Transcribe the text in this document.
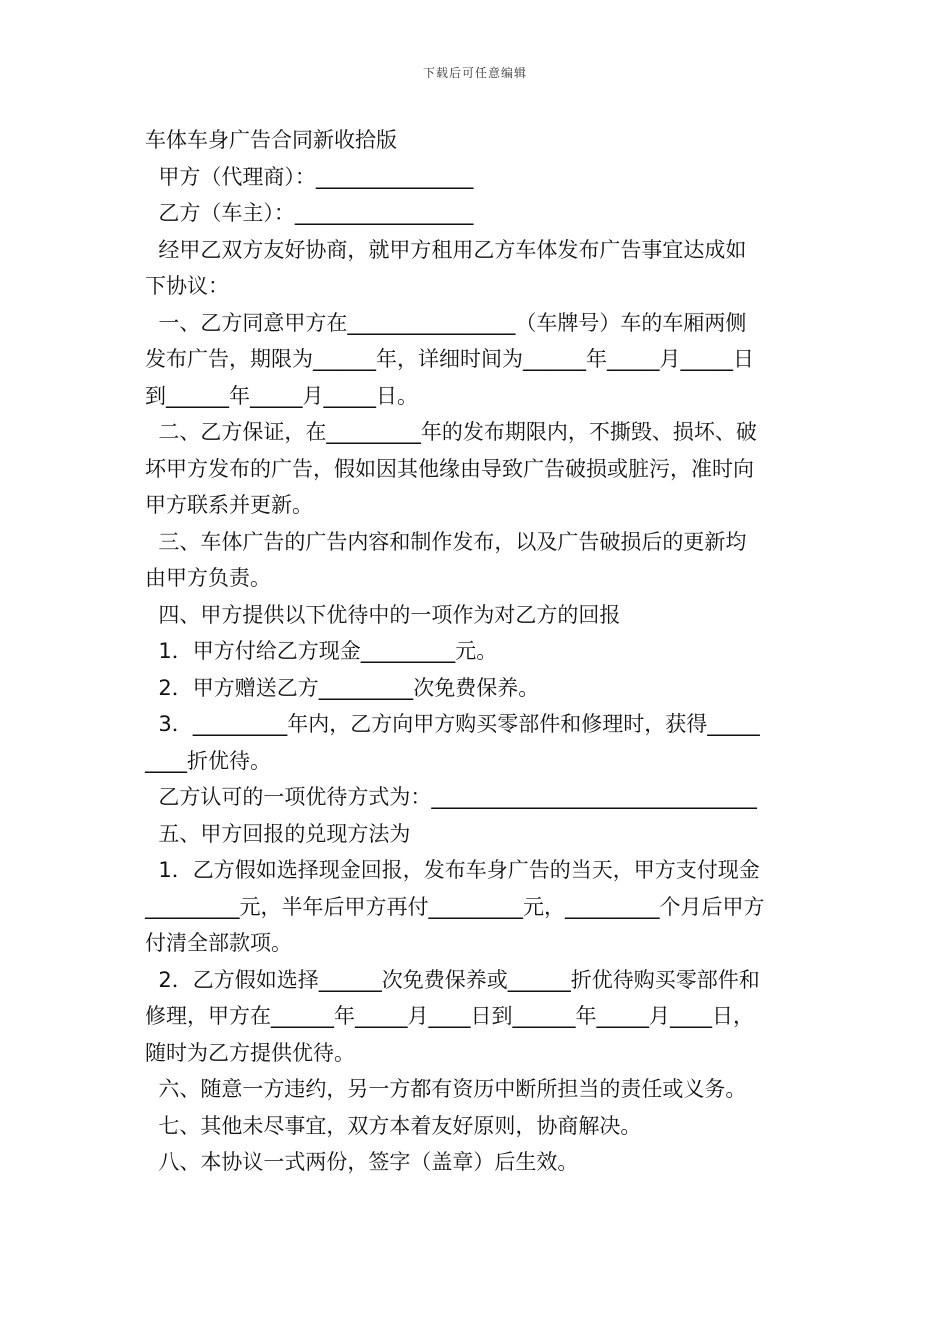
下载后可任意编辑

车体车身广告合同新收拾版

甲方（代理商）：_______________

乙方（车主）：_________________

经甲乙双方友好协商，就甲方租用乙方车体发布广告事宜达成如

下协议：

一、乙方同意甲方在________________（车牌号）车的车厢两侧

发布广告，期限为______年，详细时间为______年_____月_____日

到______年_____月_____日。

二、乙方保证，在_________年的发布期限内，不撕毁、损坏、破

坏甲方发布的广告，假如因其他缘由导致广告破损或脏污，准时向

甲方联系并更新。

三、车体广告的广告内容和制作发布，以及广告破损后的更新均

由甲方负责。

四、甲方提供以下优待中的一项作为对乙方的回报

1．甲方付给乙方现金_________元。

2．甲方赠送乙方_________次免费保养。

3．_________年内，乙方向甲方购买零部件和修理时，获得_____

____折优待。

乙方认可的一项优待方式为：_______________________________

五、甲方回报的兑现方法为

1．乙方假如选择现金回报，发布车身广告的当天，甲方支付现金

_________元，半年后甲方再付_________元，_________个月后甲方

付清全部款项。

2．乙方假如选择______次免费保养或______折优待购买零部件和

修理，甲方在______年_____月____日到______年_____月____日，

随时为乙方提供优待。

六、随意一方违约，另一方都有资历中断所担当的责任或义务。

七、其他未尽事宜，双方本着友好原则，协商解决。

八、本协议一式两份，签字（盖章）后生效。
